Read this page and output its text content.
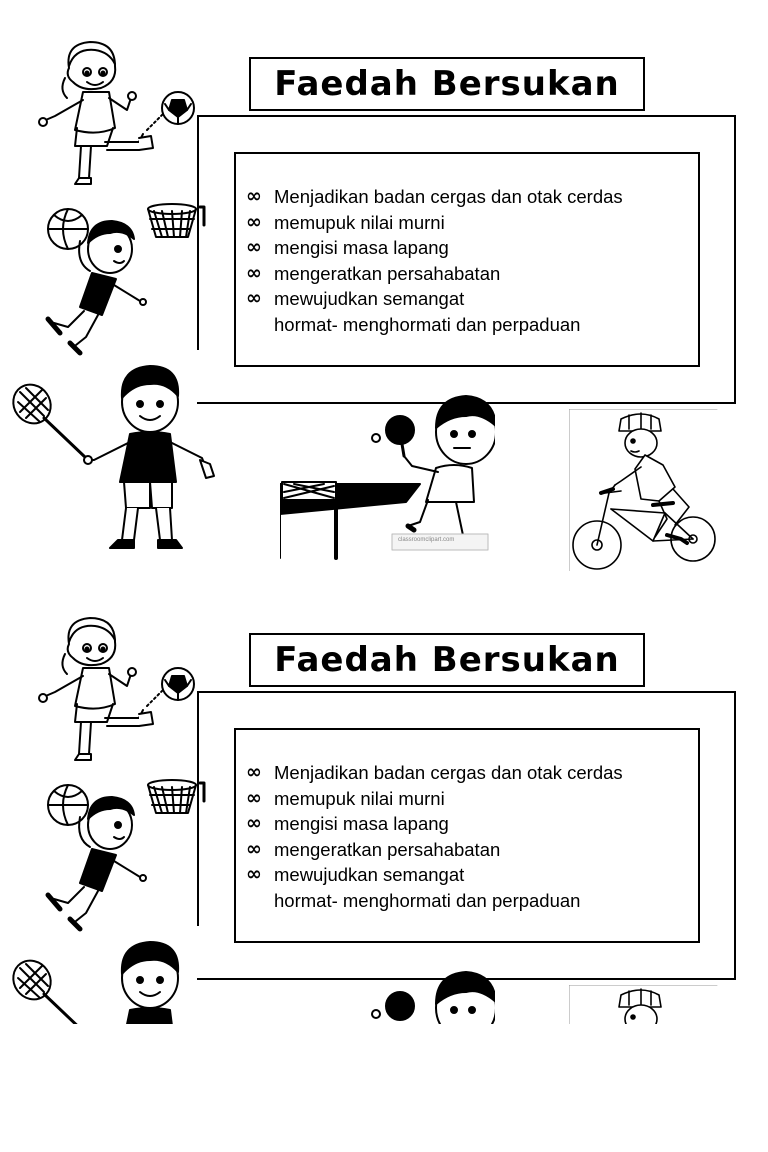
Faedah Bersukan
∞ Menjadikan badan cergas dan otak cerdas
∞ memupuk nilai murni
∞ mengisi masa lapang
∞ mengeratkan persahabatan
∞ mewujudkan semangat
hormat- menghormati dan perpaduan
classroomclipart.com
Faedah Bersukan
∞ Menjadikan badan cergas dan otak cerdas
∞ memupuk nilai murni
∞ mengisi masa lapang
∞ mengeratkan persahabatan
∞ mewujudkan semangat
hormat- menghormati dan perpaduan
